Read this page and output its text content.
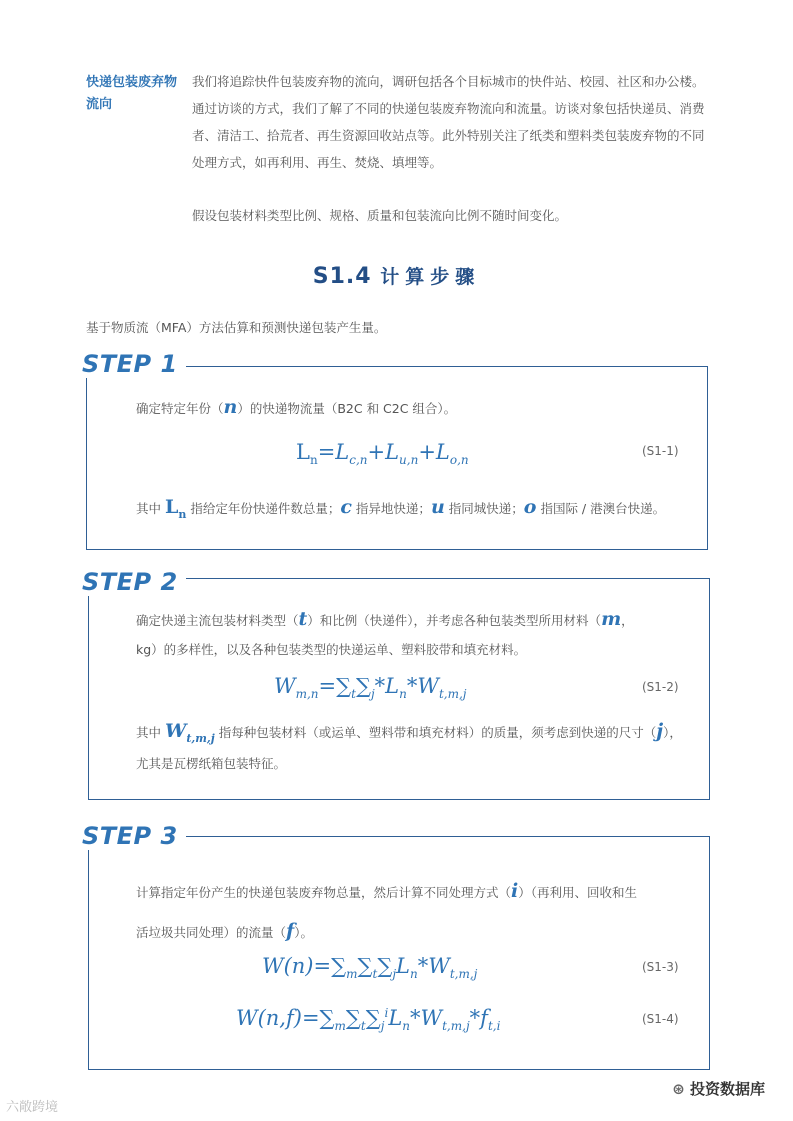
快递包装废弃物流向
我们将追踪快件包装废弃物的流向，调研包括各个目标城市的快件站、校园、社区和办公楼。通过访谈的方式，我们了解了不同的快递包装废弃物流向和流量。访谈对象包括快递员、消费者、清洁工、拾荒者、再生资源回收站点等。此外特别关注了纸类和塑料类包装废弃物的不同处理方式，如再利用、再生、焚烧、填埋等。
假设包装材料类型比例、规格、质量和包装流向比例不随时间变化。
S1.4 计算步骤
基于物质流（MFA）方法估算和预测快递包装产生量。
STEP 1
确定特定年份（n）的快递物流量（B2C 和 C2C 组合）。
$L_n=L_{c,n}+L_{u,n}+L_{o,n}$
(S1-1)
其中 $L_n$ 指给定年份快递件数总量；c 指异地快递；u 指同城快递；o 指国际 / 港澳台快递。
STEP 2
确定快递主流包装材料类型（t）和比例（快递件），并考虑各种包装类型所用材料（m，
kg）的多样性，以及各种包装类型的快递运单、塑料胶带和填充材料。
$W_{m,n}=\sum_t\sum_j*L_n*W_{t,m,j}$
(S1-2)
其中 $W_{t,m,j}$ 指每种包装材料（或运单、塑料带和填充材料）的质量，须考虑到快递的尺寸（j），
尤其是瓦楞纸箱包装特征。
STEP 3
计算指定年份产生的快递包装废弃物总量，然后计算不同处理方式（i）（再利用、回收和生
活垃圾共同处理）的流量（f）。
$W(n)=\sum_m\sum_t\sum_jL_n*W_{t,m,j}$
(S1-3)
$W(n,f)=\sum_m\sum_t\sum_j^iL_n*W_{t,m,j}*f_{t,i}$
(S1-4)
⊛ 投资数据库
六敞跨境
